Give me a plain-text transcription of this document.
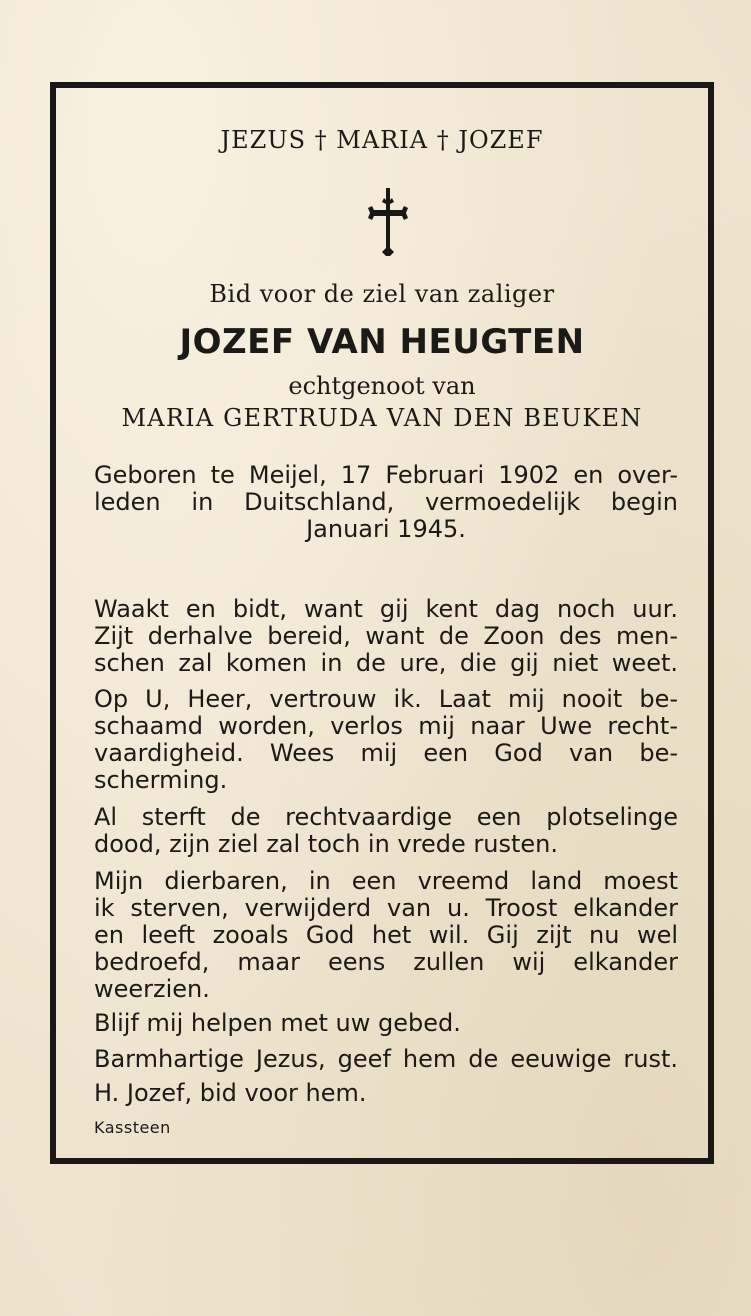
JEZUS † MARIA † JOZEF
Bid voor de ziel van zaliger
JOZEF VAN HEUGTEN
echtgenoot van
MARIA GERTRUDA VAN DEN BEUKEN
Geboren te Meijel, 17 Februari 1902 en over-
leden in Duitschland, vermoedelijk begin
Januari 1945.
Waakt en bidt, want gij kent dag noch uur.
Zijt derhalve bereid, want de Zoon des men-
schen zal komen in de ure, die gij niet weet.
Op U, Heer, vertrouw ik. Laat mij nooit be-
schaamd worden, verlos mij naar Uwe recht-
vaardigheid. Wees mij een God van be-
scherming.
Al sterft de rechtvaardige een plotselinge
dood, zijn ziel zal toch in vrede rusten.
Mijn dierbaren, in een vreemd land moest
ik sterven, verwijderd van u. Troost elkander
en leeft zooals God het wil. Gij zijt nu wel
bedroefd, maar eens zullen wij elkander
weerzien.
Blijf mij helpen met uw gebed.
Barmhartige Jezus, geef hem de eeuwige rust.
H. Jozef, bid voor hem.
Kassteen
